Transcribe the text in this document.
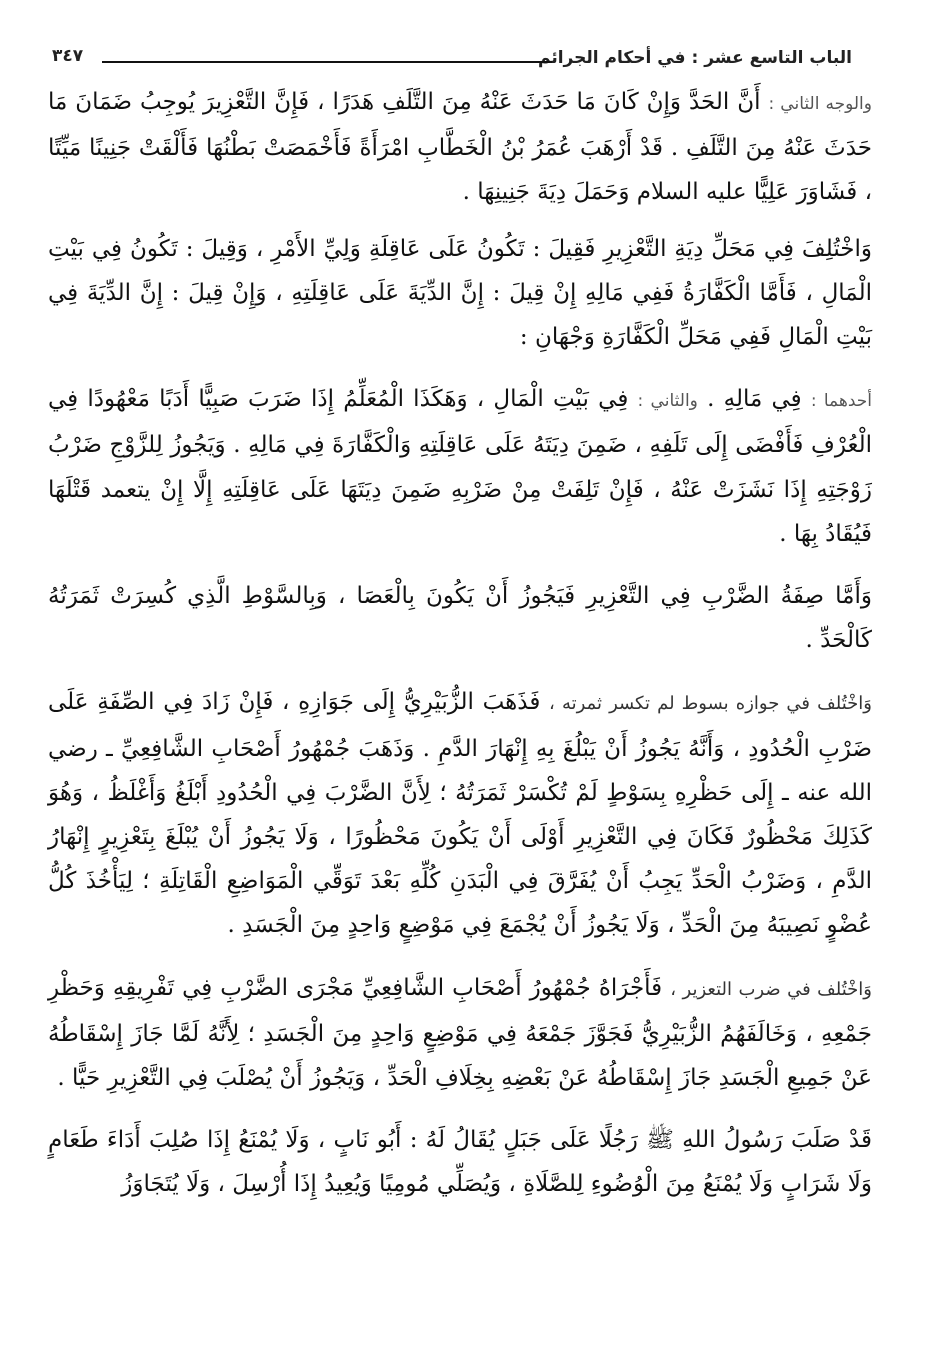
الباب التاسع عشر : في أحكام الجرائم
٣٤٧

والوجه الثاني : أَنَّ الحَدَّ وَإِنْ كَانَ مَا حَدَثَ عَنْهُ مِنَ التَّلَفِ هَدَرًا ، فَإِنَّ التَّعْزِيرَ يُوجِبُ ضَمَانَ مَا حَدَثَ عَنْهُ مِنَ التَّلَفِ . قَدْ أَرْهَبَ عُمَرُ بْنُ الْخَطَّابِ امْرَأَةً فَأَخْمَصَتْ بَطْنُهَا فَأَلْقَتْ جَنِينًا مَيِّتًا ، فَشَاوَرَ عَلِيًّا عليه السلام وَحَمَلَ دِيَةَ جَنِينِهَا .

وَاخْتُلِفَ فِي مَحَلِّ دِيَةِ التَّعْزِيرِ فَقِيلَ : تَكُونُ عَلَى عَاقِلَةِ وَلِيِّ الأَمْرِ ، وَقِيلَ : تَكُونُ فِي بَيْتِ الْمَالِ ، فَأَمَّا الْكَفَّارَةُ فَفِي مَالِهِ إِنْ قِيلَ : إِنَّ الدِّيَةَ عَلَى عَاقِلَتِهِ ، وَإِنْ قِيلَ : إِنَّ الدِّيَةَ فِي بَيْتِ الْمَالِ فَفِي مَحَلِّ الْكَفَّارَةِ وَجْهَانِ :

أحدهما : فِي مَالِهِ . والثاني : فِي بَيْتِ الْمَالِ ، وَهَكَذَا الْمُعَلِّمُ إِذَا ضَرَبَ صَبِيًّا أَدَبًا مَعْهُودًا فِي الْعُرْفِ فَأَفْضَى إِلَى تَلَفِهِ ، ضَمِنَ دِيَتَهُ عَلَى عَاقِلَتِهِ وَالْكَفَّارَةَ فِي مَالِهِ . وَيَجُوزُ لِلزَّوْجِ ضَرْبُ زَوْجَتِهِ إِذَا نَشَزَتْ عَنْهُ ، فَإِنْ تَلِفَتْ مِنْ ضَرْبِهِ ضَمِنَ دِيَتَهَا عَلَى عَاقِلَتِهِ إِلَّا إِنْ يتعمد قَتْلَهَا فَيُقَادُ بِهَا .

وَأَمَّا صِفَةُ الضَّرْبِ فِي التَّعْزِيرِ فَيَجُوزُ أَنْ يَكُونَ بِالْعَصَا ، وَبِالسَّوْطِ الَّذِي كُسِرَتْ ثَمَرَتُهُ كَالْحَدِّ .

وَاخْتُلف في جوازه بسوط لم تكسر ثمرته ، فَذَهَبَ الزُّبَيْرِيُّ إِلَى جَوَازِهِ ، فَإِنْ زَادَ فِي الصِّفَةِ عَلَى ضَرْبِ الْحُدُودِ ، وَأَنَّهُ يَجُوزُ أَنْ يَبْلُغَ بِهِ إِنْهَارَ الدَّمِ . وَذَهَبَ جُمْهُورُ أَصْحَابِ الشَّافِعِيِّ ـ رضي الله عنه ـ إِلَى حَظْرِهِ بِسَوْطٍ لَمْ تُكْسَرْ ثَمَرَتُهُ ؛ لِأَنَّ الضَّرْبَ فِي الْحُدُودِ أَبْلَغُ وَأَغْلَظُ ، وَهُوَ كَذَلِكَ مَحْظُورٌ فَكَانَ فِي التَّعْزِيرِ أَوْلَى أَنْ يَكُونَ مَحْظُورًا ، وَلَا يَجُوزُ أَنْ يُبْلَغَ بِتَعْزِيرٍ إِنْهَارُ الدَّمِ ، وَضَرْبُ الْحَدِّ يَجِبُ أَنْ يُفَرَّقَ فِي الْبَدَنِ كُلِّهِ بَعْدَ تَوَقِّي الْمَوَاضِعِ الْقَاتِلَةِ ؛ لِيَأْخُذَ كُلُّ عُضْوٍ نَصِيبَهُ مِنَ الْحَدِّ ، وَلَا يَجُوزُ أَنْ يُجْمَعَ فِي مَوْضِعٍ وَاحِدٍ مِنَ الْجَسَدِ .

وَاخْتُلف في ضرب التعزير ، فَأَجْرَاهُ جُمْهُورُ أَصْحَابِ الشَّافِعِيِّ مَجْرَى الضَّرْبِ فِي تَفْرِيقِهِ وَحَظْرِ جَمْعِهِ ، وَخَالَفَهُمُ الزُّبَيْرِيُّ فَجَوَّزَ جَمْعَهُ فِي مَوْضِعٍ وَاحِدٍ مِنَ الْجَسَدِ ؛ لِأَنَّهُ لَمَّا جَازَ إِسْقَاطُهُ عَنْ جَمِيعِ الْجَسَدِ جَازَ إِسْقَاطُهُ عَنْ بَعْضِهِ بِخِلَافِ الْحَدِّ ، وَيَجُوزُ أَنْ يُصْلَبَ فِي التَّعْزِيرِ حَيًّا .

قَدْ صَلَبَ رَسُولُ اللهِ ﷺ رَجُلًا عَلَى جَبَلٍ يُقَالُ لَهُ : أَبُو نَابٍ ، وَلَا يُمْنَعُ إِذَا صُلِبَ أَدَاءَ طَعَامٍ وَلَا شَرَابٍ وَلَا يُمْنَعُ مِنَ الْوُضُوءِ لِلصَّلَاةِ ، وَيُصَلِّي مُومِيًا وَيُعِيدُ إِذَا أُرْسِلَ ، وَلَا يُتَجَاوَزُ
